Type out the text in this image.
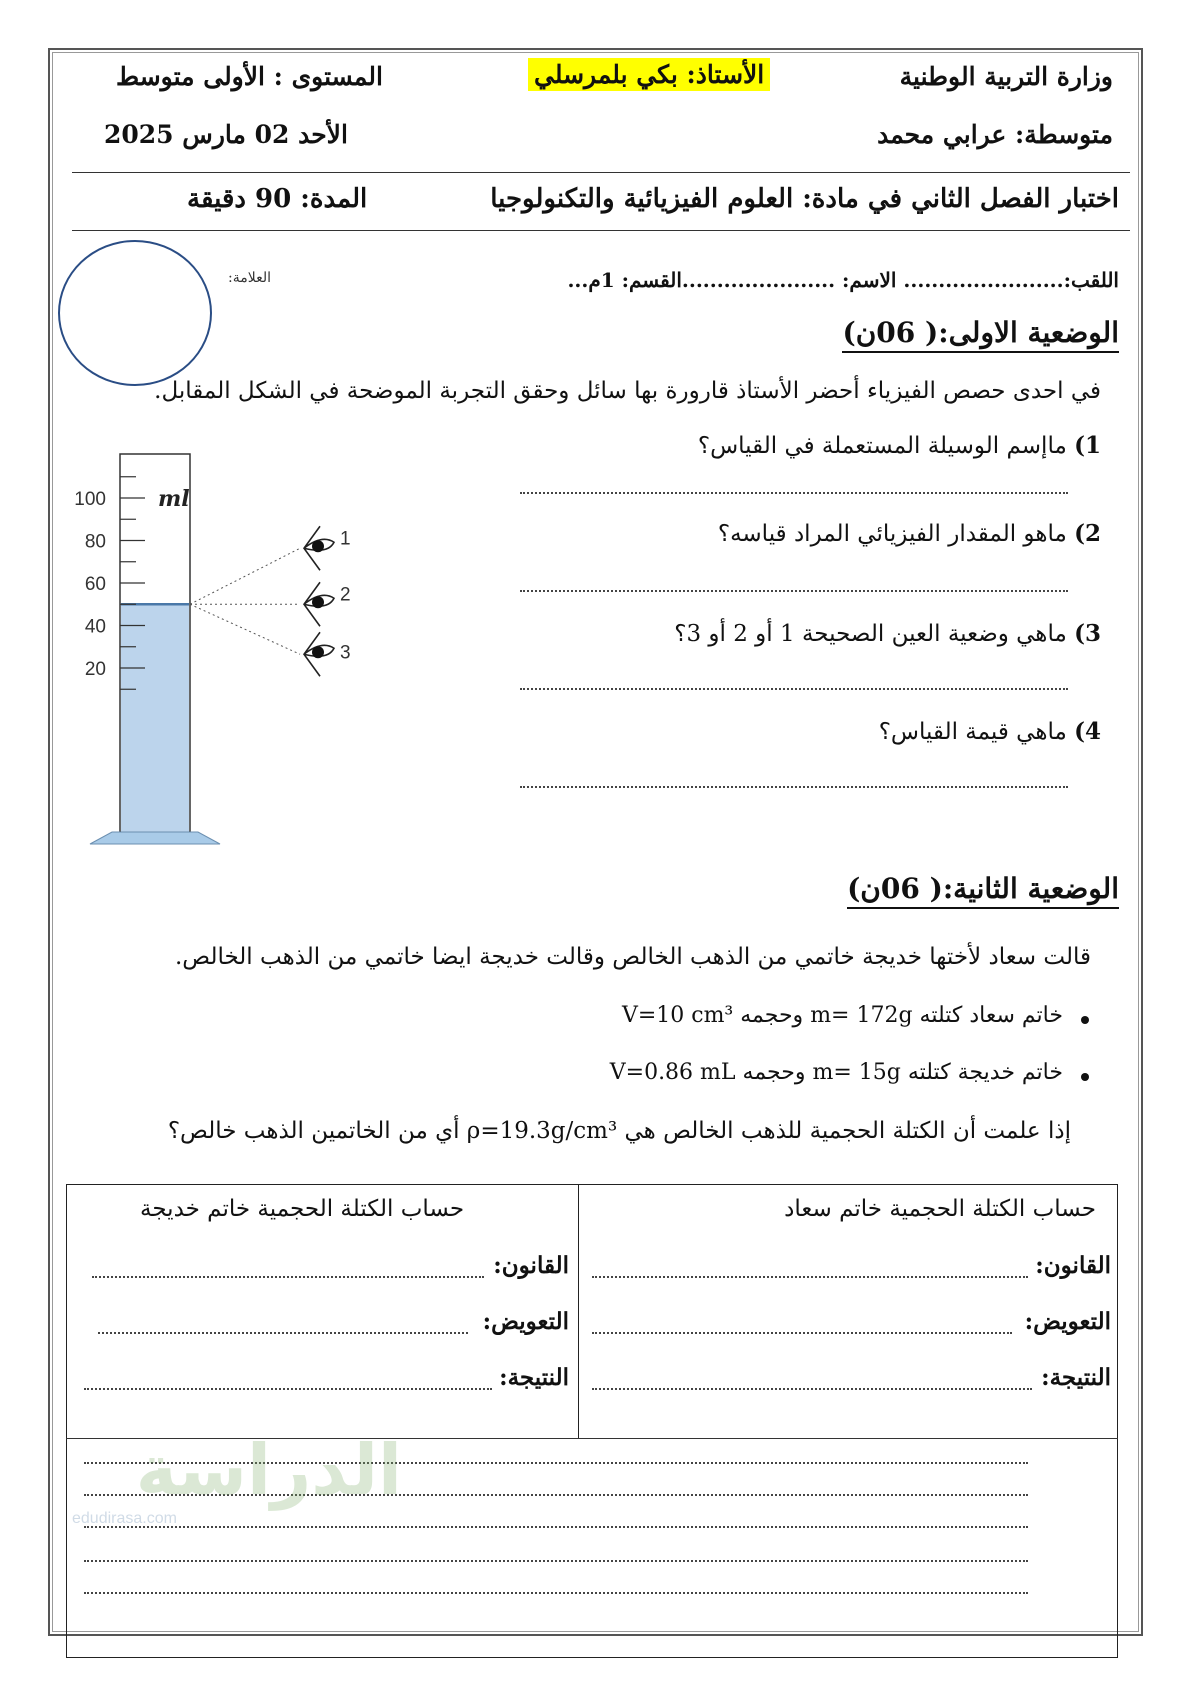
وزارة التربية الوطنية
متوسطة: عرابي محمد
الأستاذ: بكي بلمرسلي
المستوى : الأولى متوسط
الأحد 02 مارس 2025
اختبار الفصل الثاني في مادة: العلوم الفيزيائية والتكنولوجيا
المدة: 90 دقيقة
اللقب:....................... الاسم: ......................القسم: 1م...
العلامة:
الوضعية الاولى:( 06ن)
في احدى حصص الفيزياء أحضر الأستاذ قارورة بها سائل وحقق التجربة الموضحة في الشكل المقابل.
1) ماإسم الوسيلة المستعملة في القياس؟
2) ماهو المقدار الفيزيائي المراد قياسه؟
3) ماهي وضعية العين الصحيحة 1 أو 2 أو 3؟
4) ماهي قيمة القياس؟
100
80
60
40
20
ml
1
2
3
الوضعية الثانية:( 06ن)
قالت سعاد لأختها خديجة خاتمي من الذهب الخالص وقالت خديجة ايضا خاتمي من الذهب الخالص.
خاتم سعاد كتلته m= 172g وحجمه V=10 cm³
خاتم خديجة كتلته m= 15g وحجمه V=0.86 mL
إذا علمت أن الكتلة الحجمية للذهب الخالص هي ρ=19.3g/cm³ أي من الخاتمين الذهب خالص؟
حساب الكتلة الحجمية خاتم سعاد
حساب الكتلة الحجمية خاتم خديجة
القانون:
التعويض:
النتيجة:
القانون:
التعويض:
النتيجة:
الدراسة
edudirasa.com
